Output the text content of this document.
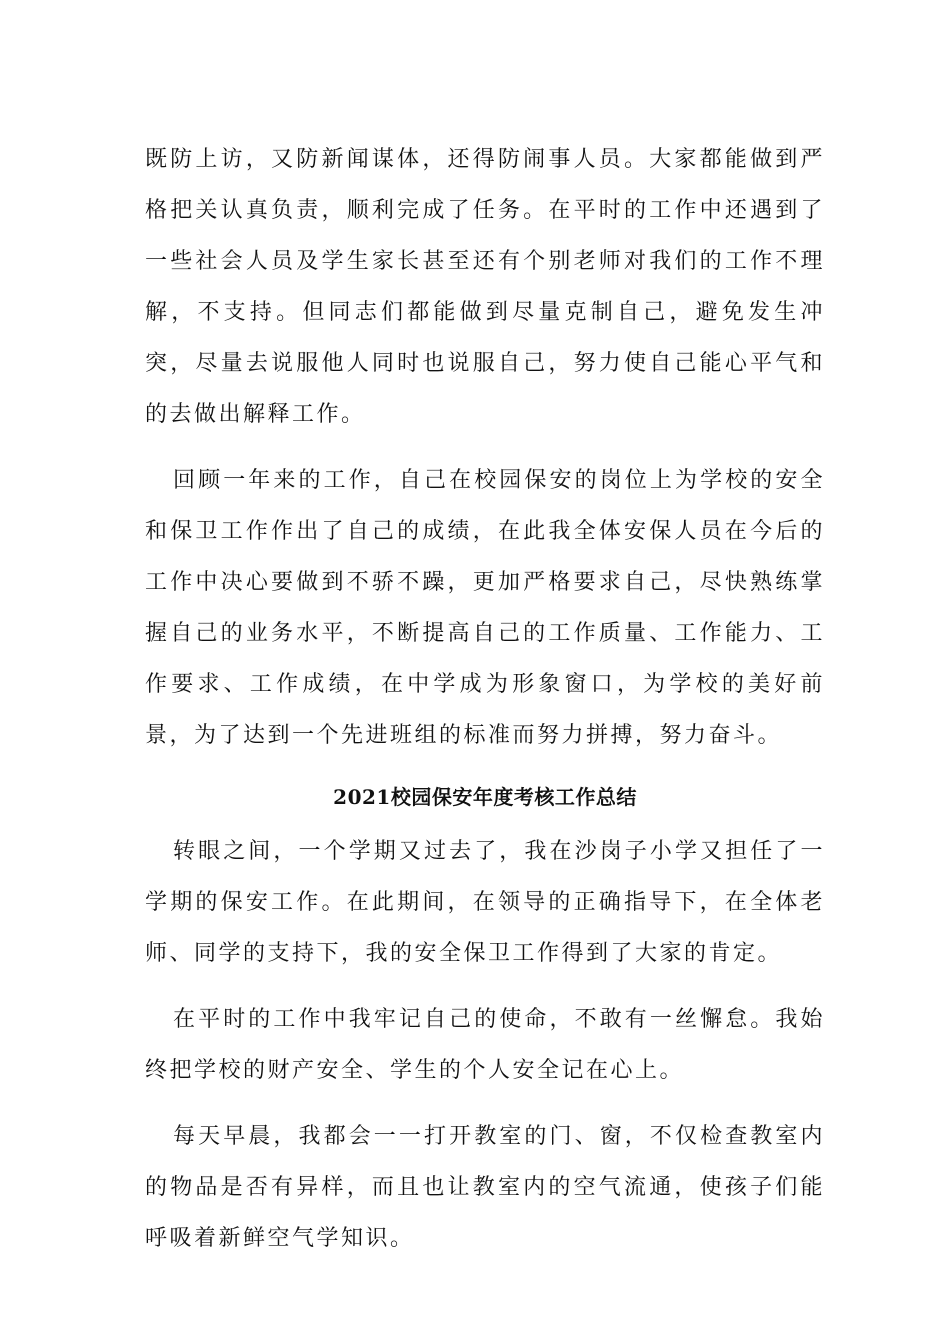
既防上访，又防新闻谋体，还得防闹事人员。大家都能做到严格把关认真负责，顺利完成了任务。在平时的工作中还遇到了一些社会人员及学生家长甚至还有个别老师对我们的工作不理解，不支持。但同志们都能做到尽量克制自己，避免发生冲突，尽量去说服他人同时也说服自己，努力使自己能心平气和的去做出解释工作。

回顾一年来的工作，自己在校园保安的岗位上为学校的安全和保卫工作作出了自己的成绩，在此我全体安保人员在今后的工作中决心要做到不骄不躁，更加严格要求自己，尽快熟练掌握自己的业务水平，不断提高自己的工作质量、工作能力、工作要求、工作成绩，在中学成为形象窗口，为学校的美好前景，为了达到一个先进班组的标准而努力拼搏，努力奋斗。

2021校园保安年度考核工作总结

转眼之间，一个学期又过去了，我在沙岗子小学又担任了一学期的保安工作。在此期间，在领导的正确指导下，在全体老师、同学的支持下，我的安全保卫工作得到了大家的肯定。

在平时的工作中我牢记自己的使命，不敢有一丝懈怠。我始终把学校的财产安全、学生的个人安全记在心上。

每天早晨，我都会一一打开教室的门、窗，不仅检查教室内的物品是否有异样，而且也让教室内的空气流通，使孩子们能呼吸着新鲜空气学知识。
